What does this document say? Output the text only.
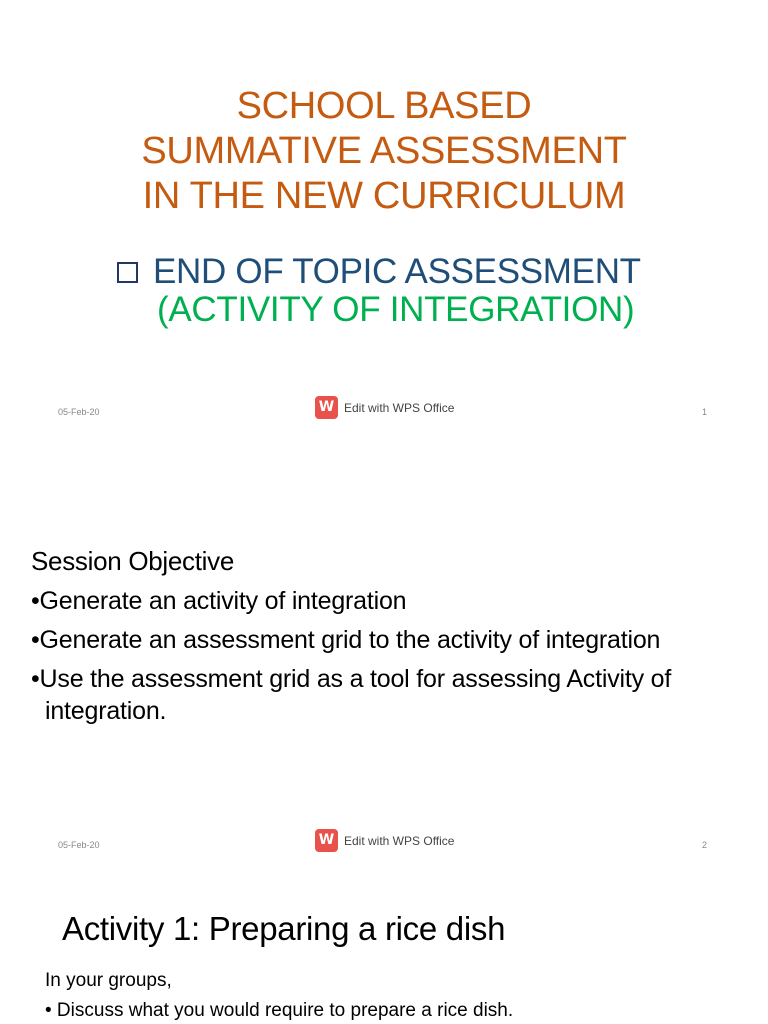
SCHOOL BASED
SUMMATIVE ASSESSMENT
IN THE NEW CURRICULUM
END OF TOPIC ASSESSMENT
(ACTIVITY OF INTEGRATION)
05-Feb-20	W Edit with WPS Office	1
Session Objective
•Generate an activity of integration
•Generate an assessment grid to the activity of integration
•Use the assessment grid as a tool for assessing Activity of
integration.
05-Feb-20	W Edit with WPS Office	2
Activity 1: Preparing a rice dish
In your groups,
• Discuss what you would require to prepare a rice dish.
